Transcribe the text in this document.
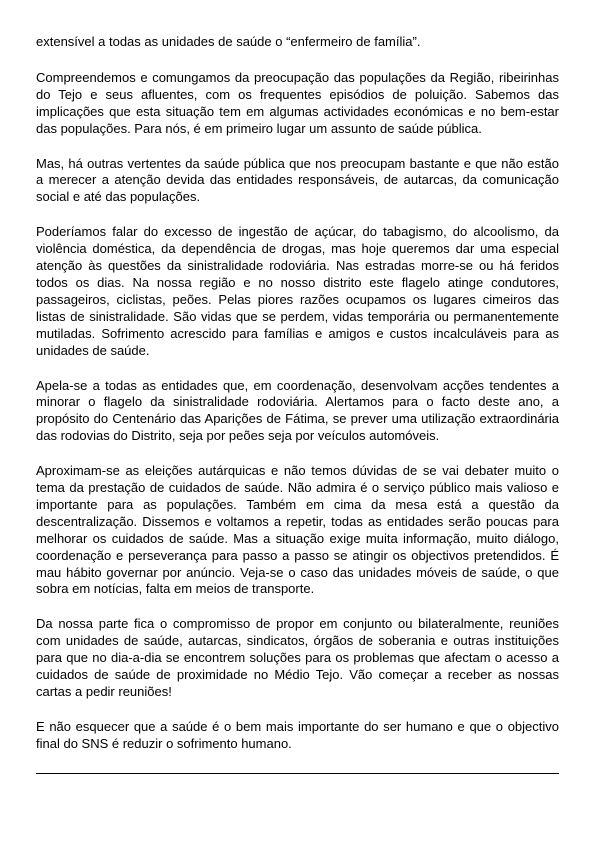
extensível a todas as unidades de saúde o “enfermeiro de família”.

Compreendemos e comungamos da preocupação das populações da Região, ribeirinhas do Tejo e seus afluentes, com os frequentes episódios de poluição. Sabemos das implicações que esta situação tem em algumas actividades económicas e no bem-estar das populações. Para nós, é em primeiro lugar um assunto de saúde pública.

Mas, há outras vertentes da saúde pública que nos preocupam bastante e que não estão a merecer a atenção devida das entidades responsáveis, de autarcas, da comunicação social e até das populações.

Poderíamos falar do excesso de ingestão de açúcar, do tabagismo, do alcoolismo, da violência doméstica, da dependência de drogas, mas hoje queremos dar uma especial atenção às questões da sinistralidade rodoviária. Nas estradas morre-se ou há feridos todos os dias. Na nossa região e no nosso distrito este flagelo atinge condutores, passageiros, ciclistas, peões. Pelas piores razões ocupamos os lugares cimeiros das listas de sinistralidade. São vidas que se perdem, vidas temporária ou permanentemente mutiladas. Sofrimento acrescido para famílias e amigos e custos incalculáveis para as unidades de saúde.

Apela-se a todas as entidades que, em coordenação, desenvolvam acções tendentes a minorar o flagelo da sinistralidade rodoviária. Alertamos para o facto deste ano, a propósito do Centenário das Aparições de Fátima, se prever uma utilização extraordinária das rodovias do Distrito, seja por peões seja por veículos automóveis.

Aproximam-se as eleições autárquicas e não temos dúvidas de se vai debater muito o tema da prestação de cuidados de saúde. Não admira é o serviço público mais valioso e importante para as populações. Também em cima da mesa está a questão da descentralização. Dissemos e voltamos a repetir, todas as entidades serão poucas para melhorar os cuidados de saúde. Mas a situação exige muita informação, muito diálogo, coordenação e perseverança para passo a passo se atingir os objectivos pretendidos. É mau hábito governar por anúncio. Veja-se o caso das unidades móveis de saúde, o que sobra em notícias, falta em meios de transporte.

Da nossa parte fica o compromisso de propor em conjunto ou bilateralmente, reuniões com unidades de saúde, autarcas, sindicatos, órgãos de soberania e outras instituições para que no dia-a-dia se encontrem soluções para os problemas que afectam o acesso a cuidados de saúde de proximidade no Médio Tejo. Vão começar a receber as nossas cartas a pedir reuniões!

E não esquecer que a saúde é o bem mais importante do ser humano e que o objectivo final do SNS é reduzir o sofrimento humano.
